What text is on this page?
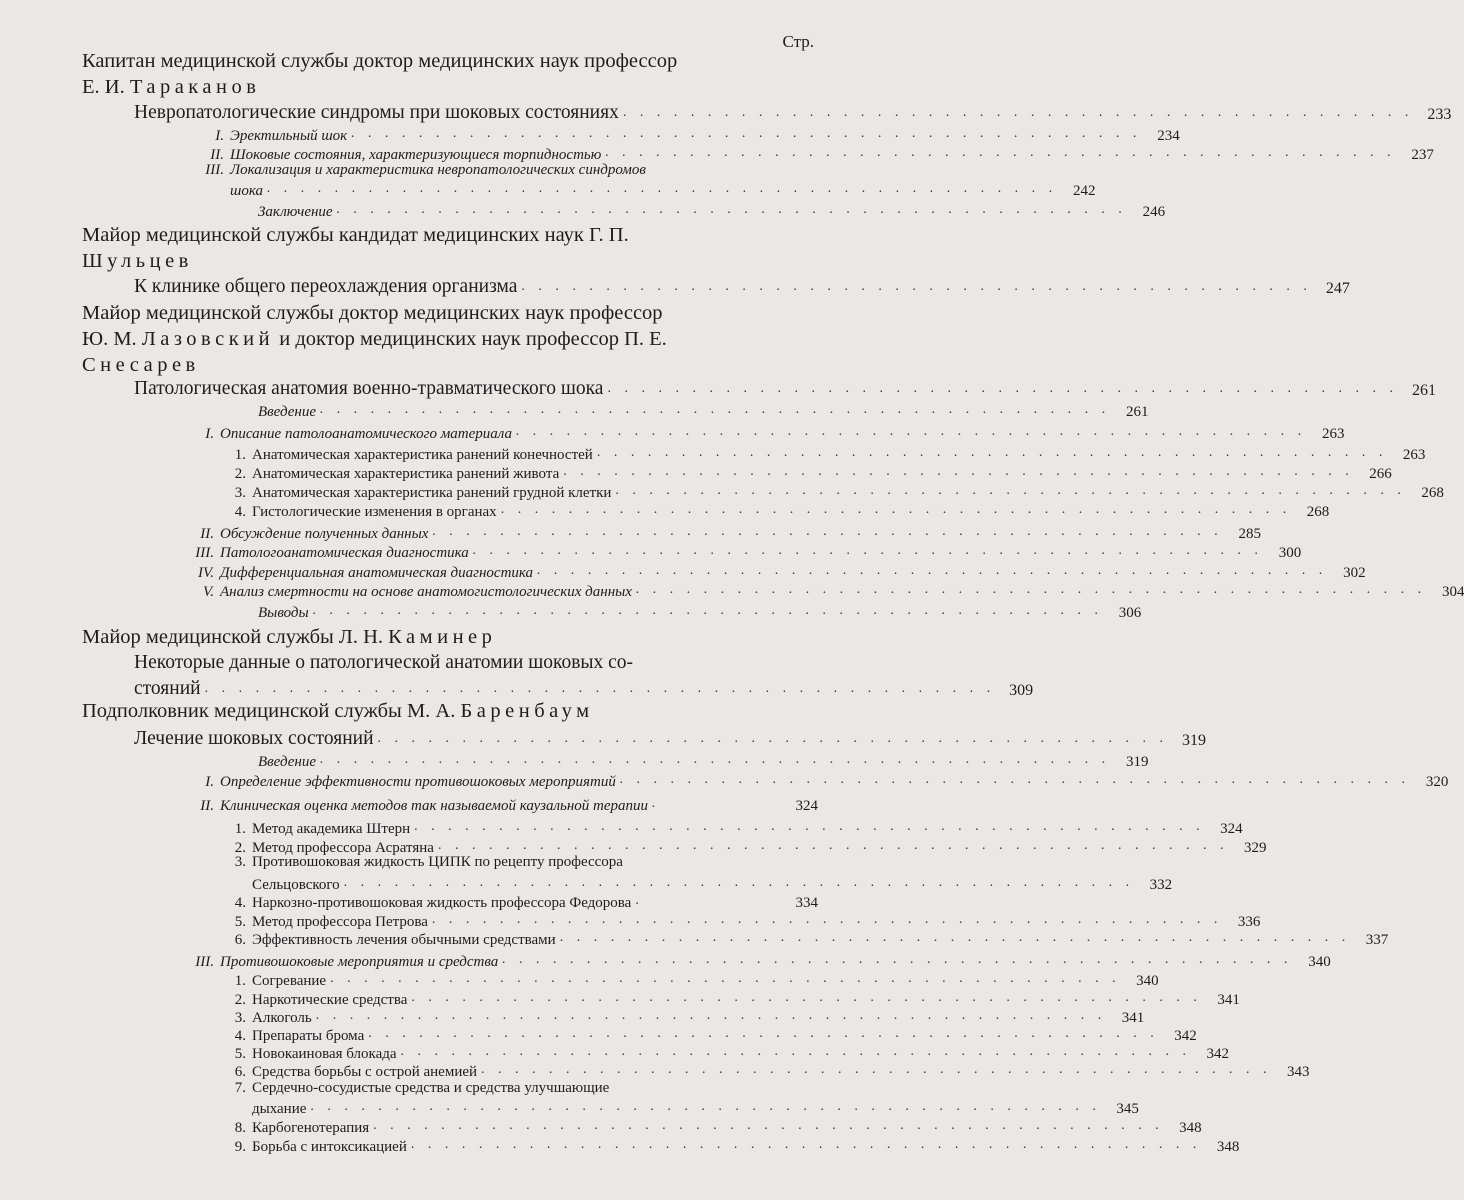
Стр.
Капитан медицинской службы доктор медицинских наук профессор
Е. И. Тараканов
Невропатологические синдромы при шоковых состояниях . . . . . . . . . . . . . . . . . . . . . . . . . . . . . . . . . . . . . . . . . . . . . . . 233
I. Эректильный шок . . . . . . . . . . . . . . . . . . . . . . . . . . . . . . . . . . . . . . . . . . . . . . .	234
II. Шоковые состояния, характеризующиеся торпидностью . . . . . . . . . . . . . . . . . . . . . . . . . . . . . . . . . . . . . . . . . . . . . . .	237
III. Локализация и характеристика невропатологических синдромов
шока . . . . . . . . . . . . . . . . . . . . . . . . . . . . . . . . . . . . . . . . . . . . . . .	242
Заключение . . . . . . . . . . . . . . . . . . . . . . . . . . . . . . . . . . . . . . . . . . . . . . .	246
Майор медицинской службы кандидат медицинских наук Г. П.
Шульцев
К клинике общего переохлаждения организма . . . . . . . . . . . . . . . . . . . . . . . . . . . . . . . . . . . . . . . . . . . . . . . 247
Майор медицинской службы доктор медицинских наук профессор
Ю. М. Лазовский и доктор медицинских наук профессор П. Е.
Снесарев
Патологическая анатомия военно-травматического шока . . . . . . . . . . . . . . . . . . . . . . . . . . . . . . . . . . . . . . . . . . . . . . . 261
Введение . . . . . . . . . . . . . . . . . . . . . . . . . . . . . . . . . . . . . . . . . . . . . . .	261
I. Описание патолоанатомического материала . . . . . . . . . . . . . . . . . . . . . . . . . . . . . . . . . . . . . . . . . . . . . . .	263
1. Анатомическая характеристика ранений конечностей . . . . . . . . . . . . . . . . . . . . . . . . . . . . . . . . . . . . . . . . . . . . . . .	263
2. Анатомическая характеристика ранений живота . . . . . . . . . . . . . . . . . . . . . . . . . . . . . . . . . . . . . . . . . . . . . . .	266
3. Анатомическая характеристика ранений грудной клетки . . . . . . . . . . . . . . . . . . . . . . . . . . . . . . . . . . . . . . . . . . . . . . .	268
4. Гистологические изменения в органах . . . . . . . . . . . . . . . . . . . . . . . . . . . . . . . . . . . . . . . . . . . . . . .	268
II. Обсуждение полученных данных . . . . . . . . . . . . . . . . . . . . . . . . . . . . . . . . . . . . . . . . . . . . . . .	285
III. Патологоанатомическая диагностика . . . . . . . . . . . . . . . . . . . . . . . . . . . . . . . . . . . . . . . . . . . . . . .	300
IV. Дифференциальная анатомическая диагностика . . . . . . . . . . . . . . . . . . . . . . . . . . . . . . . . . . . . . . . . . . . . . . .	302
V. Анализ смертности на основе анатомогистологических данных . . . . . . . . . . . . . . . . . . . . . . . . . . . . . . . . . . . . . . . . . . . . . . .	304
Выводы . . . . . . . . . . . . . . . . . . . . . . . . . . . . . . . . . . . . . . . . . . . . . . .	306
Майор медицинской службы Л. Н. Каминер
Некоторые данные о патологической анатомии шоковых со-
стояний . . . . . . . . . . . . . . . . . . . . . . . . . . . . . . . . . . . . . . . . . . . . . . . 309
Подполковник медицинской службы М. А. Баренбаум
Лечение шоковых состояний . . . . . . . . . . . . . . . . . . . . . . . . . . . . . . . . . . . . . . . . . . . . . . . 319
Введение . . . . . . . . . . . . . . . . . . . . . . . . . . . . . . . . . . . . . . . . . . . . . . .	319
I. Определение эффективности противошоковых мероприятий . . . . . . . . . . . . . . . . . . . . . . . . . . . . . . . . . . . . . . . . . . . . . . .	320
II. Клиническая оценка методов так называемой каузальной терапии .	324
1. Метод академика Штерн . . . . . . . . . . . . . . . . . . . . . . . . . . . . . . . . . . . . . . . . . . . . . . .	324
2. Метод профессора Асратяна . . . . . . . . . . . . . . . . . . . . . . . . . . . . . . . . . . . . . . . . . . . . . . .	329
3. Противошоковая жидкость ЦИПК по рецепту профессора
Сельцовского . . . . . . . . . . . . . . . . . . . . . . . . . . . . . . . . . . . . . . . . . . . . . . .	332
4. Наркозно-противошоковая жидкость профессора Федорова .	334
5. Метод профессора Петрова . . . . . . . . . . . . . . . . . . . . . . . . . . . . . . . . . . . . . . . . . . . . . . .	336
6. Эффективность лечения обычными средствами . . . . . . . . . . . . . . . . . . . . . . . . . . . . . . . . . . . . . . . . . . . . . . .	337
III. Противошоковые мероприятия и средства . . . . . . . . . . . . . . . . . . . . . . . . . . . . . . . . . . . . . . . . . . . . . . .	340
1. Согревание . . . . . . . . . . . . . . . . . . . . . . . . . . . . . . . . . . . . . . . . . . . . . . .	340
2. Наркотические средства . . . . . . . . . . . . . . . . . . . . . . . . . . . . . . . . . . . . . . . . . . . . . . .	341
3. Алкоголь . . . . . . . . . . . . . . . . . . . . . . . . . . . . . . . . . . . . . . . . . . . . . . .	341
4. Препараты брома . . . . . . . . . . . . . . . . . . . . . . . . . . . . . . . . . . . . . . . . . . . . . . .	342
5. Новокаиновая блокада . . . . . . . . . . . . . . . . . . . . . . . . . . . . . . . . . . . . . . . . . . . . . . .	342
6. Средства борьбы с острой анемией . . . . . . . . . . . . . . . . . . . . . . . . . . . . . . . . . . . . . . . . . . . . . . .	343
7. Сердечно-сосудистые средства и средства улучшающие
дыхание . . . . . . . . . . . . . . . . . . . . . . . . . . . . . . . . . . . . . . . . . . . . . . .	345
8. Карбогенотерапия . . . . . . . . . . . . . . . . . . . . . . . . . . . . . . . . . . . . . . . . . . . . . . .	348
9. Борьба с интоксикацией . . . . . . . . . . . . . . . . . . . . . . . . . . . . . . . . . . . . . . . . . . . . . . .	348
